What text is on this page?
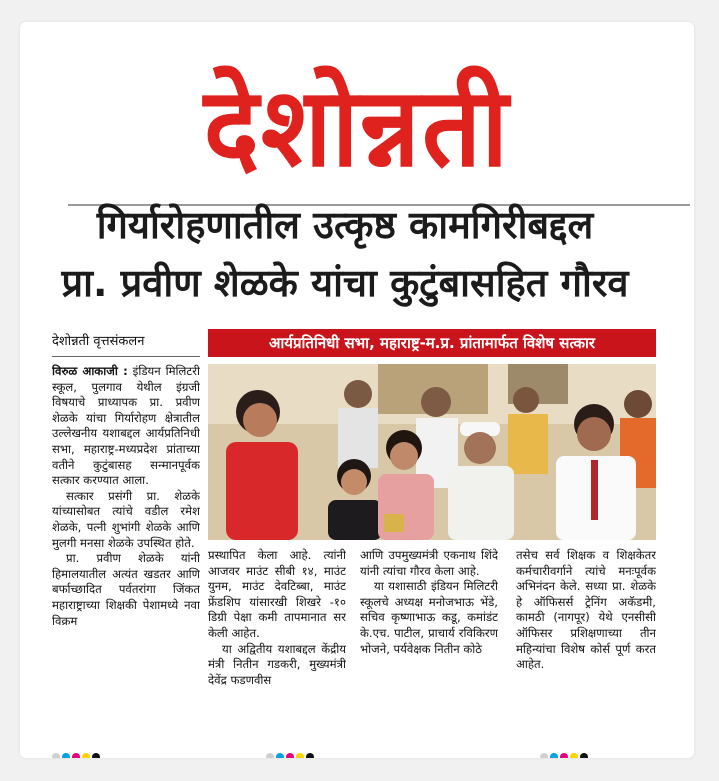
देशोन्नती
गिर्यारोहणातील उत्कृष्ठ कामगिरीबद्दल
प्रा. प्रवीण शेळके यांचा कुटुंबासहित गौरव
देशोन्नती वृत्तसंकलन	आर्यप्रतिनिधी सभा, महाराष्ट्र-म.प्र. प्रांतामार्फत विशेष सत्कार

विरुळ आकाजी : इंडियन मिलिटरी स्कूल, पुलगाव येथील इंग्रजी विषयाचे प्राध्यापक प्रा. प्रवीण शेळके यांचा गिर्यारोहण क्षेत्रातील उल्लेखनीय यशाबद्दल आर्यप्रतिनिधी सभा, महाराष्ट्र-मध्यप्रदेश प्रांताच्या वतीने कुटुंबासह सन्मानपूर्वक सत्कार करण्यात आला.

सत्कार प्रसंगी प्रा. शेळके यांच्यासोबत त्यांचे वडील रमेश शेळके, पत्नी शुभांगी शेळके आणि मुलगी मनसा शेळके उपस्थित होते.

प्रा. प्रवीण शेळके यांनी हिमालयातील अत्यंत खडतर आणि बर्फाच्छादित पर्वतरांगा जिंकत महाराष्ट्राच्या शिक्षकी पेशामध्ये नवा विक्रम

प्रस्थापित केला आहे. त्यांनी आजवर माउंट सीबी १४, माउंट युनम, माउंट देवटिब्बा, माउंट फ्रेंडशिप यांसारखी शिखरे -१० डिग्री पेक्षा कमी तापमानात सर केली आहेत.

या अद्वितीय यशाबद्दल केंद्रीय मंत्री नितीन गडकरी, मुख्यमंत्री देवेंद्र फडणवीस

आणि उपमुख्यमंत्री एकनाथ शिंदे यांनी त्यांचा गौरव केला आहे.

या यशासाठी इंडियन मिलिटरी स्कूलचे अध्यक्ष मनोजभाऊ भेंडे, सचिव कृष्णाभाऊ कडू, कमांडंट के.एच. पाटील, प्राचार्य रविकिरण भोजने, पर्यवेक्षक नितीन कोठे

तसेच सर्व शिक्षक व शिक्षकेतर कर्मचारीवर्गाने त्यांचे मनःपूर्वक अभिनंदन केले. सध्या प्रा. शेळके हे ऑफिसर्स ट्रेनिंग अकॅडमी, कामठी (नागपूर) येथे एनसीसी ऑफिसर प्रशिक्षणाच्या तीन महिन्यांचा विशेष कोर्स पूर्ण करत आहेत.
